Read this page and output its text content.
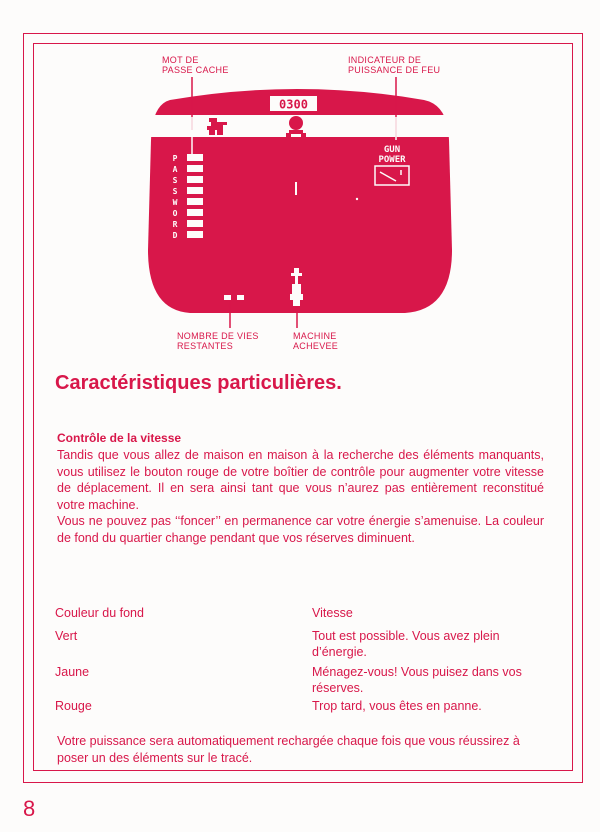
MOT DE
PASSE CACHE
INDICATEUR DE
PUISSANCE DE FEU
NOMBRE DE VIES
RESTANTES
MACHINE
ACHEVEE
0300
P
A
S
S
W
O
R
D
GUN
POWER
Caractéristiques particulières.
Contrôle de la vitesse

Tandis que vous allez de maison en maison à la recherche des éléments manquants, vous utilisez le bouton rouge de votre boîtier de contrôle pour augmenter votre vitesse de déplacement. Il en sera ainsi tant que vous n’aurez pas entièrement reconstitué votre machine.

Vous ne pouvez pas ‘‘foncer’’ en permanence car votre énergie s’amenuise. La couleur de fond du quartier change pendant que vos réserves diminuent.

Couleur du fond	Vitesse
Vert	Tout est possible. Vous avez plein d’énergie.
Jaune	Ménagez-vous! Vous puisez dans vos réserves.
Rouge	Trop tard, vous êtes en panne.

Votre puissance sera automatiquement rechargée chaque fois que vous réussirez à poser un des éléments sur le tracé.

8
